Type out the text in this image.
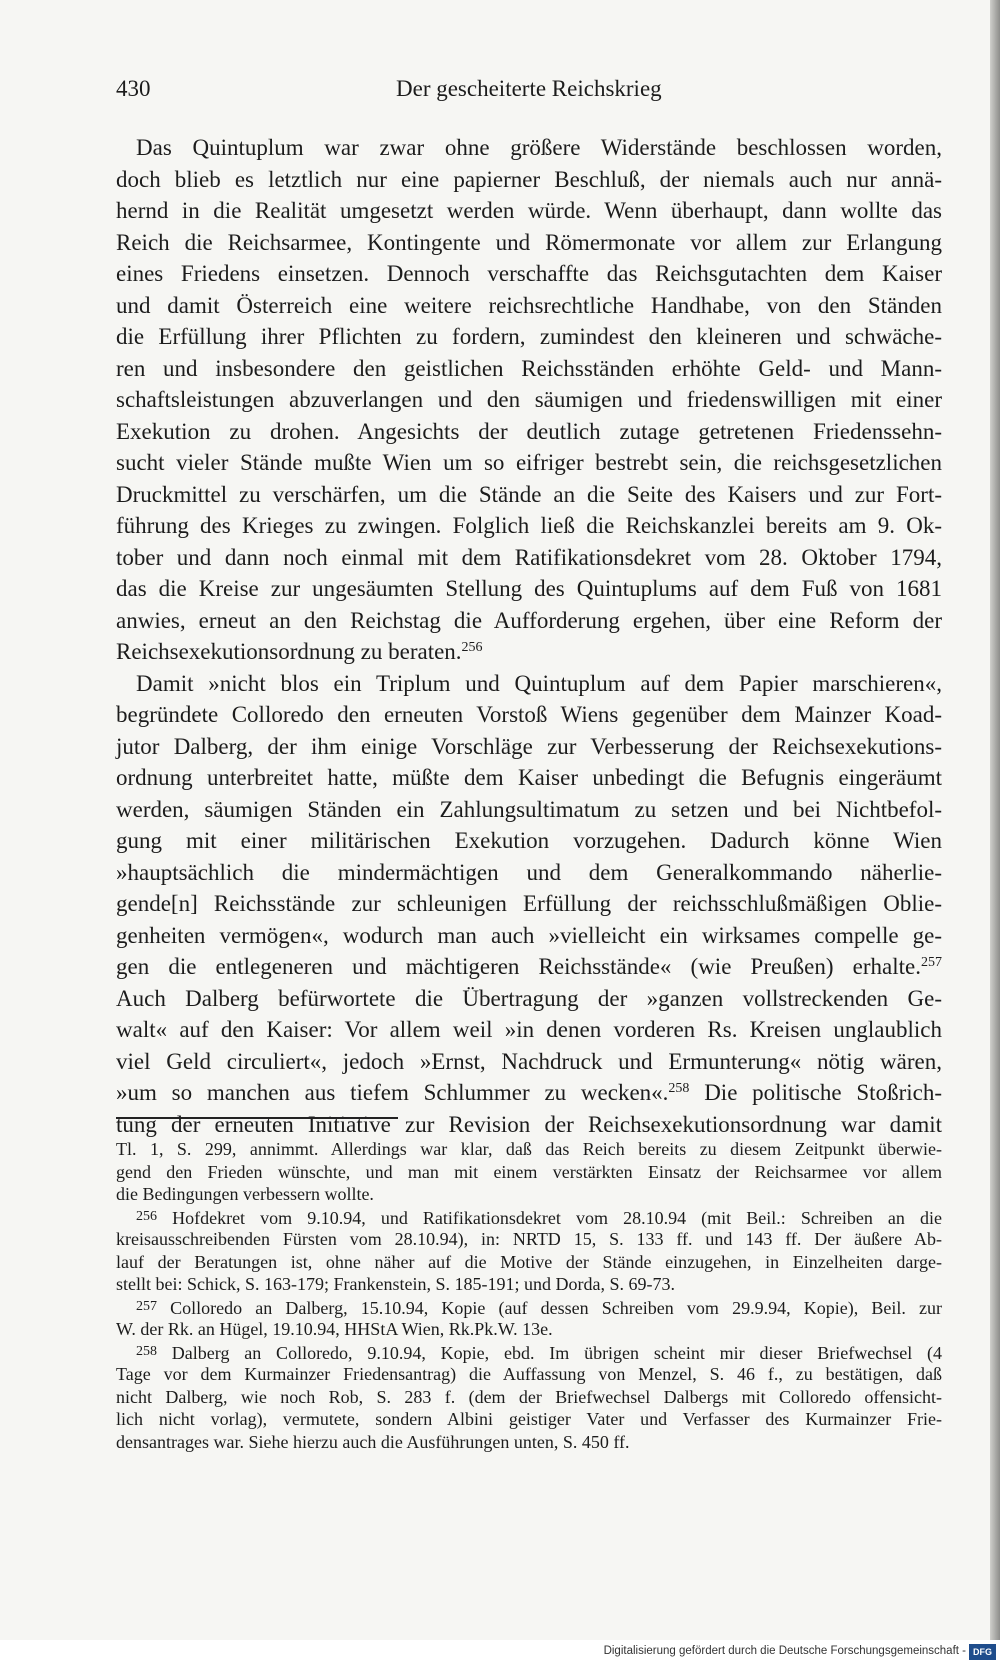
430	Der gescheiterte Reichskrieg
Das Quintuplum war zwar ohne größere Widerstände beschlossen worden,
doch blieb es letztlich nur eine papierner Beschluß, der niemals auch nur annä-
hernd in die Realität umgesetzt werden würde. Wenn überhaupt, dann wollte das
Reich die Reichsarmee, Kontingente und Römermonate vor allem zur Erlangung
eines Friedens einsetzen. Dennoch verschaffte das Reichsgutachten dem Kaiser
und damit Österreich eine weitere reichsrechtliche Handhabe, von den Ständen
die Erfüllung ihrer Pflichten zu fordern, zumindest den kleineren und schwäche-
ren und insbesondere den geistlichen Reichsständen erhöhte Geld- und Mann-
schaftsleistungen abzuverlangen und den säumigen und friedenswilligen mit einer
Exekution zu drohen. Angesichts der deutlich zutage getretenen Friedenssehn-
sucht vieler Stände mußte Wien um so eifriger bestrebt sein, die reichsgesetzlichen
Druckmittel zu verschärfen, um die Stände an die Seite des Kaisers und zur Fort-
führung des Krieges zu zwingen. Folglich ließ die Reichskanzlei bereits am 9. Ok-
tober und dann noch einmal mit dem Ratifikationsdekret vom 28. Oktober 1794,
das die Kreise zur ungesäumten Stellung des Quintuplums auf dem Fuß von 1681
anwies, erneut an den Reichstag die Aufforderung ergehen, über eine Reform der
Reichsexekutionsordnung zu beraten.$^{256}$
Damit »nicht blos ein Triplum und Quintuplum auf dem Papier marschieren«,
begründete Colloredo den erneuten Vorstoß Wiens gegenüber dem Mainzer Koad-
jutor Dalberg, der ihm einige Vorschläge zur Verbesserung der Reichsexekutions-
ordnung unterbreitet hatte, müßte dem Kaiser unbedingt die Befugnis eingeräumt
werden, säumigen Ständen ein Zahlungsultimatum zu setzen und bei Nichtbefol-
gung mit einer militärischen Exekution vorzugehen. Dadurch könne Wien
»hauptsächlich die mindermächtigen und dem Generalkommando näherlie-
gende[n] Reichsstände zur schleunigen Erfüllung der reichsschlußmäßigen Oblie-
genheiten vermögen«, wodurch man auch »vielleicht ein wirksames compelle ge-
gen die entlegeneren und mächtigeren Reichsstände« (wie Preußen) erhalte.$^{257}$
Auch Dalberg befürwortete die Übertragung der »ganzen vollstreckenden Ge-
walt« auf den Kaiser: Vor allem weil »in denen vorderen Rs. Kreisen unglaublich
viel Geld circuliert«, jedoch »Ernst, Nachdruck und Ermunterung« nötig wären,
»um so manchen aus tiefem Schlummer zu wecken«.$^{258}$ Die politische Stoßrich-
tung der erneuten Initiative zur Revision der Reichsexekutionsordnung war damit
Tl. 1, S. 299, annimmt. Allerdings war klar, daß das Reich bereits zu diesem Zeitpunkt überwie-
gend den Frieden wünschte, und man mit einem verstärkten Einsatz der Reichsarmee vor allem
die Bedingungen verbessern wollte.
$^{256}$ Hofdekret vom 9.10.94, und Ratifikationsdekret vom 28.10.94 (mit Beil.: Schreiben an die
kreisausschreibenden Fürsten vom 28.10.94), in: NRTD 15, S. 133 ff. und 143 ff. Der äußere Ab-
lauf der Beratungen ist, ohne näher auf die Motive der Stände einzugehen, in Einzelheiten darge-
stellt bei: Schick, S. 163-179; Frankenstein, S. 185-191; und Dorda, S. 69-73.
$^{257}$ Colloredo an Dalberg, 15.10.94, Kopie (auf dessen Schreiben vom 29.9.94, Kopie), Beil. zur
W. der Rk. an Hügel, 19.10.94, HHStA Wien, Rk.Pk.W. 13e.
$^{258}$ Dalberg an Colloredo, 9.10.94, Kopie, ebd. Im übrigen scheint mir dieser Briefwechsel (4
Tage vor dem Kurmainzer Friedensantrag) die Auffassung von Menzel, S. 46 f., zu bestätigen, daß
nicht Dalberg, wie noch Rob, S. 283 f. (dem der Briefwechsel Dalbergs mit Colloredo offensicht-
lich nicht vorlag), vermutete, sondern Albini geistiger Vater und Verfasser des Kurmainzer Frie-
densantrages war. Siehe hierzu auch die Ausführungen unten, S. 450 ff.
Digitalisierung gefördert durch die Deutsche Forschungsgemeinschaft - DFG
